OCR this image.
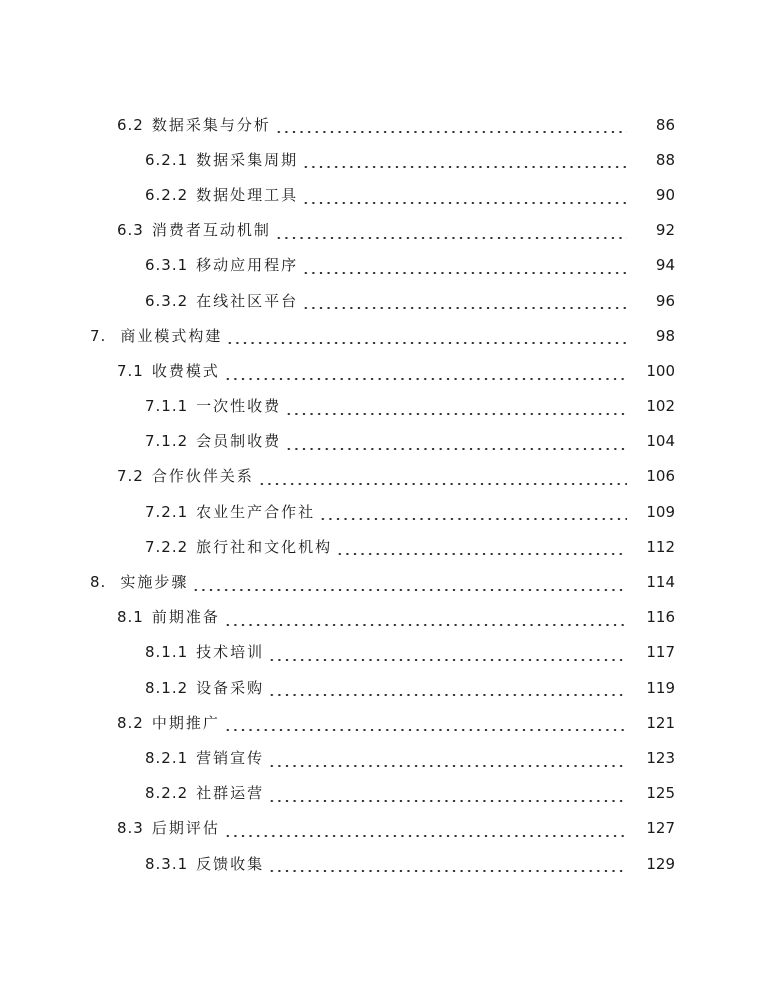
6.2 数据采集与分析	86
6.2.1 数据采集周期	88
6.2.2 数据处理工具	90
6.3 消费者互动机制	92
6.3.1 移动应用程序	94
6.3.2 在线社区平台	96
7. 商业模式构建	98
7.1 收费模式	100
7.1.1 一次性收费	102
7.1.2 会员制收费	104
7.2 合作伙伴关系	106
7.2.1 农业生产合作社	109
7.2.2 旅行社和文化机构	112
8. 实施步骤	114
8.1 前期准备	116
8.1.1 技术培训	117
8.1.2 设备采购	119
8.2 中期推广	121
8.2.1 营销宣传	123
8.2.2 社群运营	125
8.3 后期评估	127
8.3.1 反馈收集	129
